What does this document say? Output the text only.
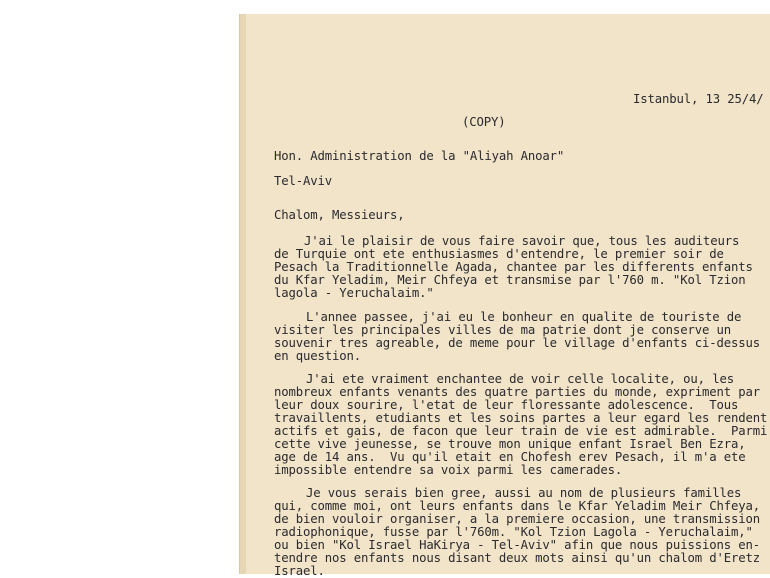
Istanbul, 13 25/4/
(COPY)
Hon. Administration de la "Aliyah Anoar"
Tel-Aviv
Chalom, Messieurs,
J'ai le plaisir de vous faire savoir que, tous les auditeurs
de Turquie ont ete enthusiasmes d'entendre, le premier soir de
Pesach la Traditionnelle Agada, chantee par les differents enfants
du Kfar Yeladim, Meir Chfeya et transmise par l'760 m. "Kol Tzion
lagola - Yeruchalaim."
L'annee passee, j'ai eu le bonheur en qualite de touriste de
visiter les principales villes de ma patrie dont je conserve un
souvenir tres agreable, de meme pour le village d'enfants ci-dessus
en question.
J'ai ete vraiment enchantee de voir celle localite, ou, les
nombreux enfants venants des quatre parties du monde, expriment par
leur doux sourire, l'etat de leur floressante adolescence.  Tous
travaillents, etudiants et les soins partes a leur egard les rendent
actifs et gais, de facon que leur train de vie est admirable.  Parmi
cette vive jeunesse, se trouve mon unique enfant Israel Ben Ezra,
age de 14 ans.  Vu qu'il etait en Chofesh erev Pesach, il m'a ete
impossible entendre sa voix parmi les camerades.
Je vous serais bien gree, aussi au nom de plusieurs familles
qui, comme moi, ont leurs enfants dans le Kfar Yeladim Meir Chfeya,
de bien vouloir organiser, a la premiere occasion, une transmission
radiophonique, fusse par l'760m. "Kol Tzion Lagola - Yeruchalaim,"
ou bien "Kol Israel HaKirya - Tel-Aviv" afin que nous puissions en-
tendre nos enfants nous disant deux mots ainsi qu'un chalom d'Eretz
Israel.
